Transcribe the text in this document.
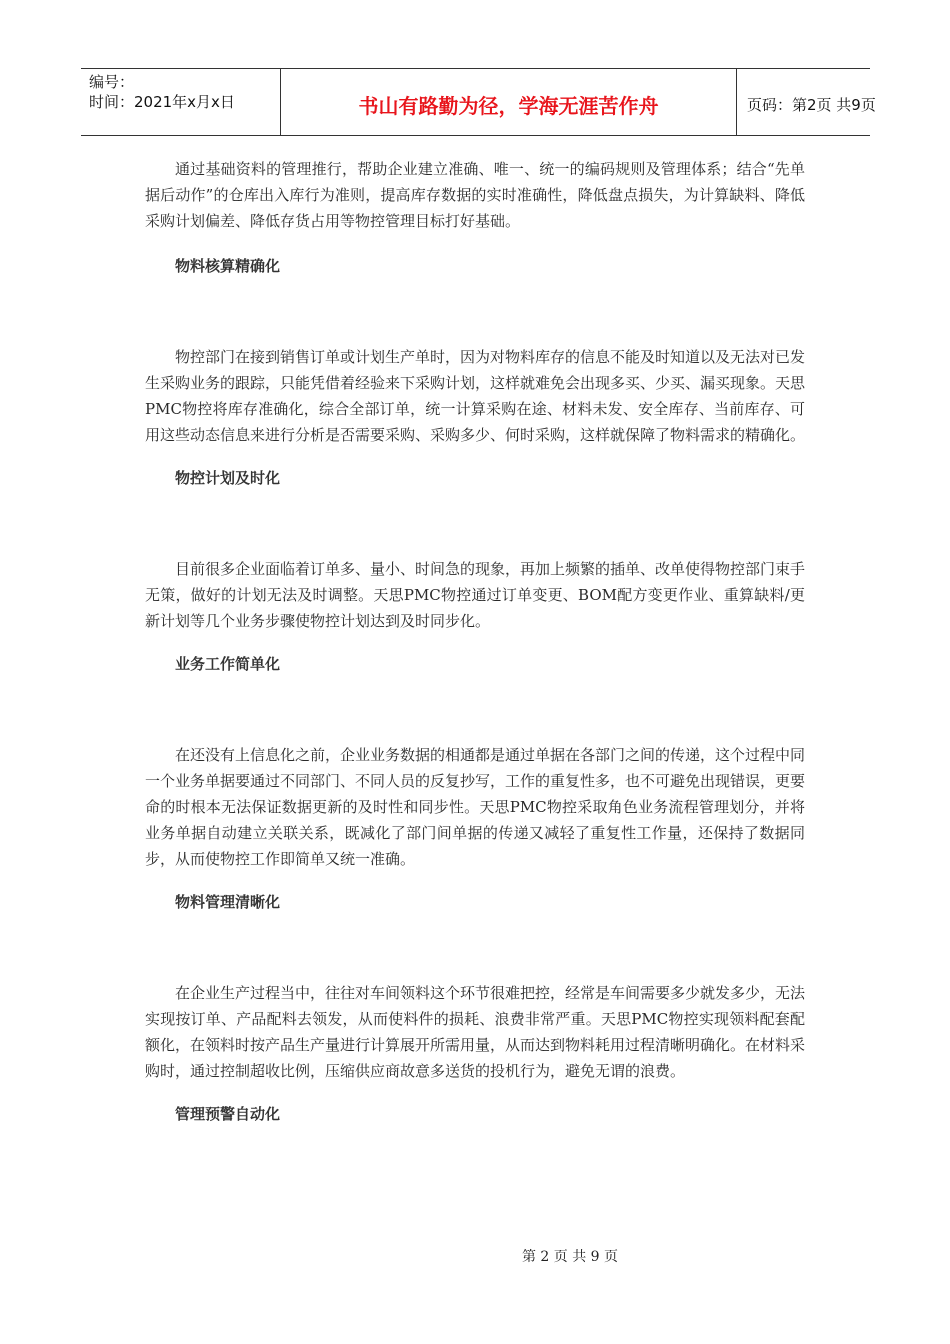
编号：
时间：2021年x月x日	书山有路勤为径，学海无涯苦作舟	页码：第2页 共9页

通过基础资料的管理推行，帮助企业建立准确、唯一、统一的编码规则及管理体系；结合“先单据后动作”的仓库出入库行为准则，提高库存数据的实时准确性，降低盘点损失，为计算缺料、降低采购计划偏差、降低存货占用等物控管理目标打好基础。

物料核算精确化

物控部门在接到销售订单或计划生产单时，因为对物料库存的信息不能及时知道以及无法对已发生采购业务的跟踪，只能凭借着经验来下采购计划，这样就难免会出现多买、少买、漏买现象。天思PMC物控将库存准确化，综合全部订单，统一计算采购在途、材料未发、安全库存、当前库存、可用这些动态信息来进行分析是否需要采购、采购多少、何时采购，这样就保障了物料需求的精确化。

物控计划及时化

目前很多企业面临着订单多、量小、时间急的现象，再加上频繁的插单、改单使得物控部门束手无策，做好的计划无法及时调整。天思PMC物控通过订单变更、BOM配方变更作业、重算缺料/更新计划等几个业务步骤使物控计划达到及时同步化。

业务工作简单化

在还没有上信息化之前，企业业务数据的相通都是通过单据在各部门之间的传递，这个过程中同一个业务单据要通过不同部门、不同人员的反复抄写，工作的重复性多，也不可避免出现错误，更要命的时根本无法保证数据更新的及时性和同步性。天思PMC物控采取角色业务流程管理划分，并将业务单据自动建立关联关系，既减化了部门间单据的传递又减轻了重复性工作量，还保持了数据同步，从而使物控工作即简单又统一准确。

物料管理清晰化

在企业生产过程当中，往往对车间领料这个环节很难把控，经常是车间需要多少就发多少，无法实现按订单、产品配料去领发，从而使料件的损耗、浪费非常严重。天思PMC物控实现领料配套配额化，在领料时按产品生产量进行计算展开所需用量，从而达到物料耗用过程清晰明确化。在材料采购时，通过控制超收比例，压缩供应商故意多送货的投机行为，避免无谓的浪费。

管理预警自动化

第 2 页 共 9 页
